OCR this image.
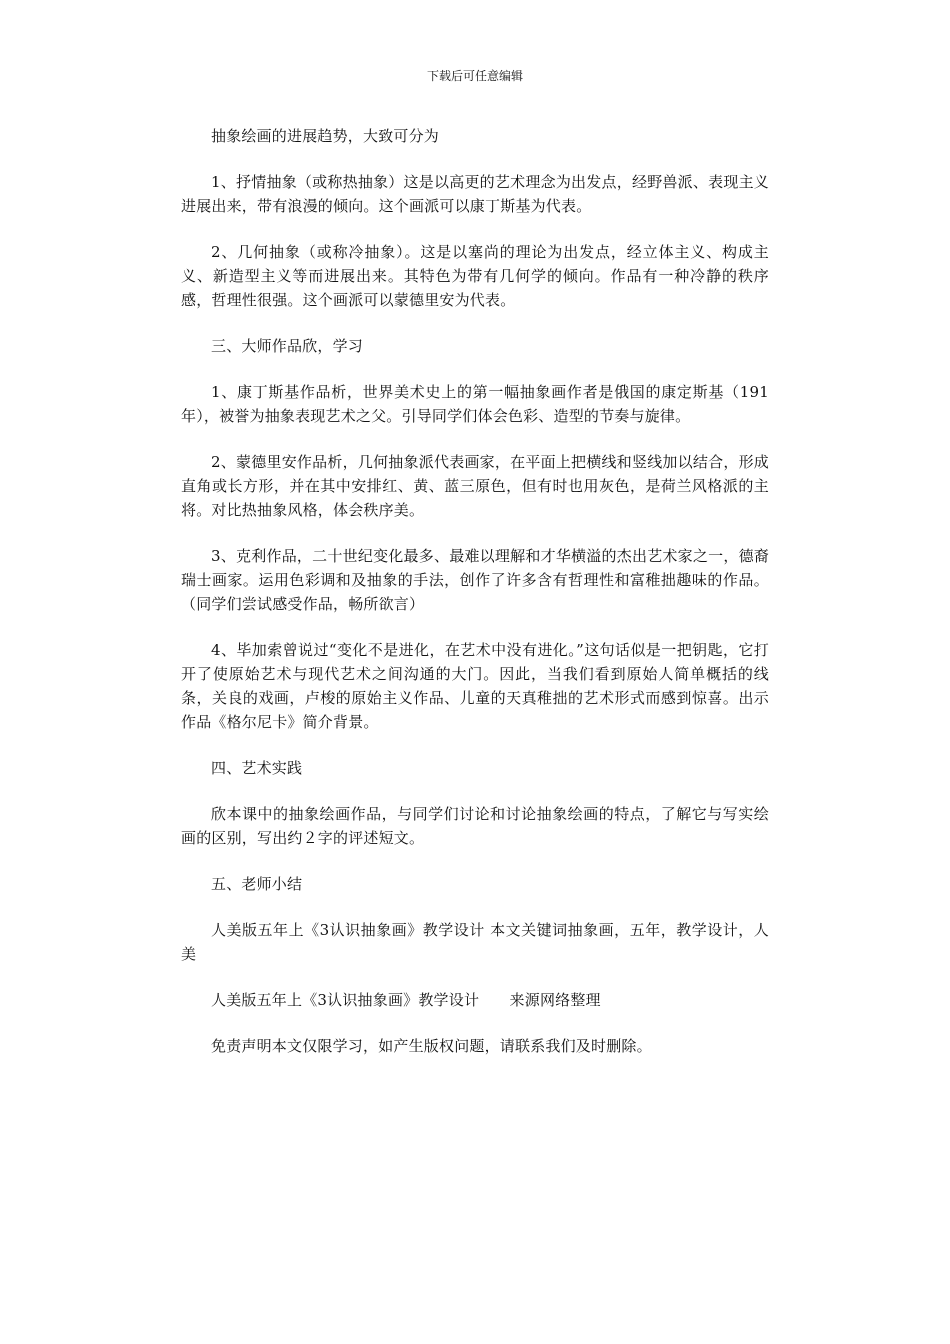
下载后可任意编辑

抽象绘画的进展趋势，大致可分为

1、抒情抽象（或称热抽象）这是以高更的艺术理念为出发点，经野兽派、表现主义进展出来，带有浪漫的倾向。这个画派可以康丁斯基为代表。

2、几何抽象（或称冷抽象）。这是以塞尚的理论为出发点，经立体主义、构成主义、新造型主义等而进展出来。其特色为带有几何学的倾向。作品有一种冷静的秩序感，哲理性很强。这个画派可以蒙德里安为代表。

三、大师作品欣，学习

1、康丁斯基作品析，世界美术史上的第一幅抽象画作者是俄国的康定斯基（191年），被誉为抽象表现艺术之父。引导同学们体会色彩、造型的节奏与旋律。

2、蒙德里安作品析，几何抽象派代表画家，在平面上把横线和竖线加以结合，形成直角或长方形，并在其中安排红、黄、蓝三原色，但有时也用灰色，是荷兰风格派的主将。对比热抽象风格，体会秩序美。

3、克利作品，二十世纪变化最多、最难以理解和才华横溢的杰出艺术家之一，德裔瑞士画家。运用色彩调和及抽象的手法，创作了许多含有哲理性和富稚拙趣味的作品。（同学们尝试感受作品，畅所欲言）

4、毕加索曾说过“变化不是进化，在艺术中没有进化。”这句话似是一把钥匙，它打开了使原始艺术与现代艺术之间沟通的大门。因此，当我们看到原始人简单概括的线条，关良的戏画，卢梭的原始主义作品、儿童的天真稚拙的艺术形式而感到惊喜。出示作品《格尔尼卡》简介背景。

四、艺术实践

欣本课中的抽象绘画作品，与同学们讨论和讨论抽象绘画的特点，了解它与写实绘画的区别，写出约２字的评述短文。

五、老师小结

人美版五年上《3认识抽象画》教学设计 本文关键词抽象画，五年，教学设计，人美

人美版五年上《3认识抽象画》教学设计　　来源网络整理

免责声明本文仅限学习，如产生版权问题，请联系我们及时删除。
